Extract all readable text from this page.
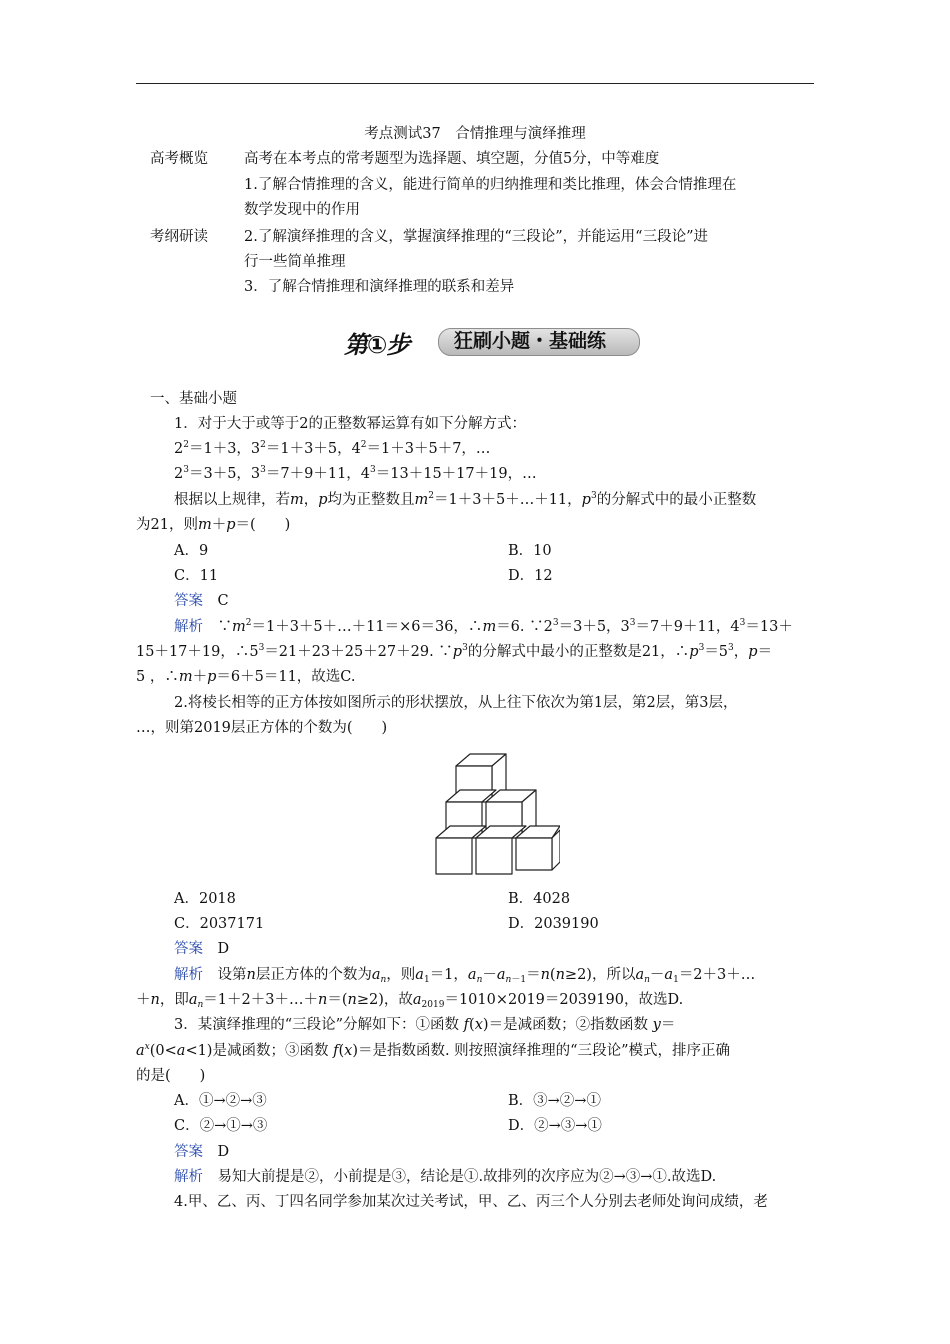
考点测试37　合情推理与演绎推理
高考概览 高考在本考点的常考题型为选择题、填空题，分值5分，中等难度
1.了解合情推理的含义，能进行简单的归纳推理和类比推理，体会合情推理在
数学发现中的作用
考纲研读 2.了解演绎推理的含义，掌握演绎推理的“三段论”，并能运用“三段论”进
行一些简单推理
3．了解合情推理和演绎推理的联系和差异
第①步 狂刷小题・基础练
一、基础小题
1．对于大于或等于2的正整数幂运算有如下分解方式：
$2^2=1+3$，$3^2=1+3+5$，$4^2=1+3+5+7$，…
$2^3=3+5$，$3^3=7+9+11$，$4^3=13+15+17+19$，…
根据以上规律，若m，p均为正整数且$m^2=1+3+5+\dots+11$，$p^3$的分解式中的最小正整数
为21，则m＋p＝(　　)
A．9	B．10
C．11	D．12
答案　 C
解析　$\because m^2=1+3+5+\dots+11=\times 6=36$，∴m＝6. $\because 2^3=3+5$，$3^3=7+9+11$，$4^3=13+$
15＋17＋19，$\therefore 5^3=21+23+25+27+29$. $\because p^3$的分解式中最小的正整数是21，$\therefore p^3=5^3$，p＝
5 ，∴m＋p＝6＋5＝11，故选C.
2.将棱长相等的正方体按如图所示的形状摆放，从上往下依次为第1层，第2层，第3层，
…，则第2019层正方体的个数为(　　)
A．2018	B．4028
C．2037171	D．2039190
答案　 D
解析　设第n层正方体的个数为$a_n$，则$a_1=1$，$a_n-a_{n-1}=n(n\ge 2)$，所以$a_n-a_1=2+3+\dots$
＋n，即$a_n=1+2+3+\dots+n=(n\ge 2)$，故$a_{2019}=1010\times 2019=2039190$，故选D.
3．某演绎推理的“三段论”分解如下：①函数 f(x)＝是减函数；②指数函数 y＝
$a^x(0<a<1)$是减函数；③函数 f(x)＝是指数函数. 则按照演绎推理的“三段论”模式，排序正确
的是(　　)
A．①→②→③	B．③→②→①
C．②→①→③	D．②→③→①
答案　 D
解析　 易知大前提是②，小前提是③，结论是①.故排列的次序应为②→③→①.故选D.
4.甲、乙、丙、丁四名同学参加某次过关考试，甲、乙、丙三个人分别去老师处询问成绩，老
